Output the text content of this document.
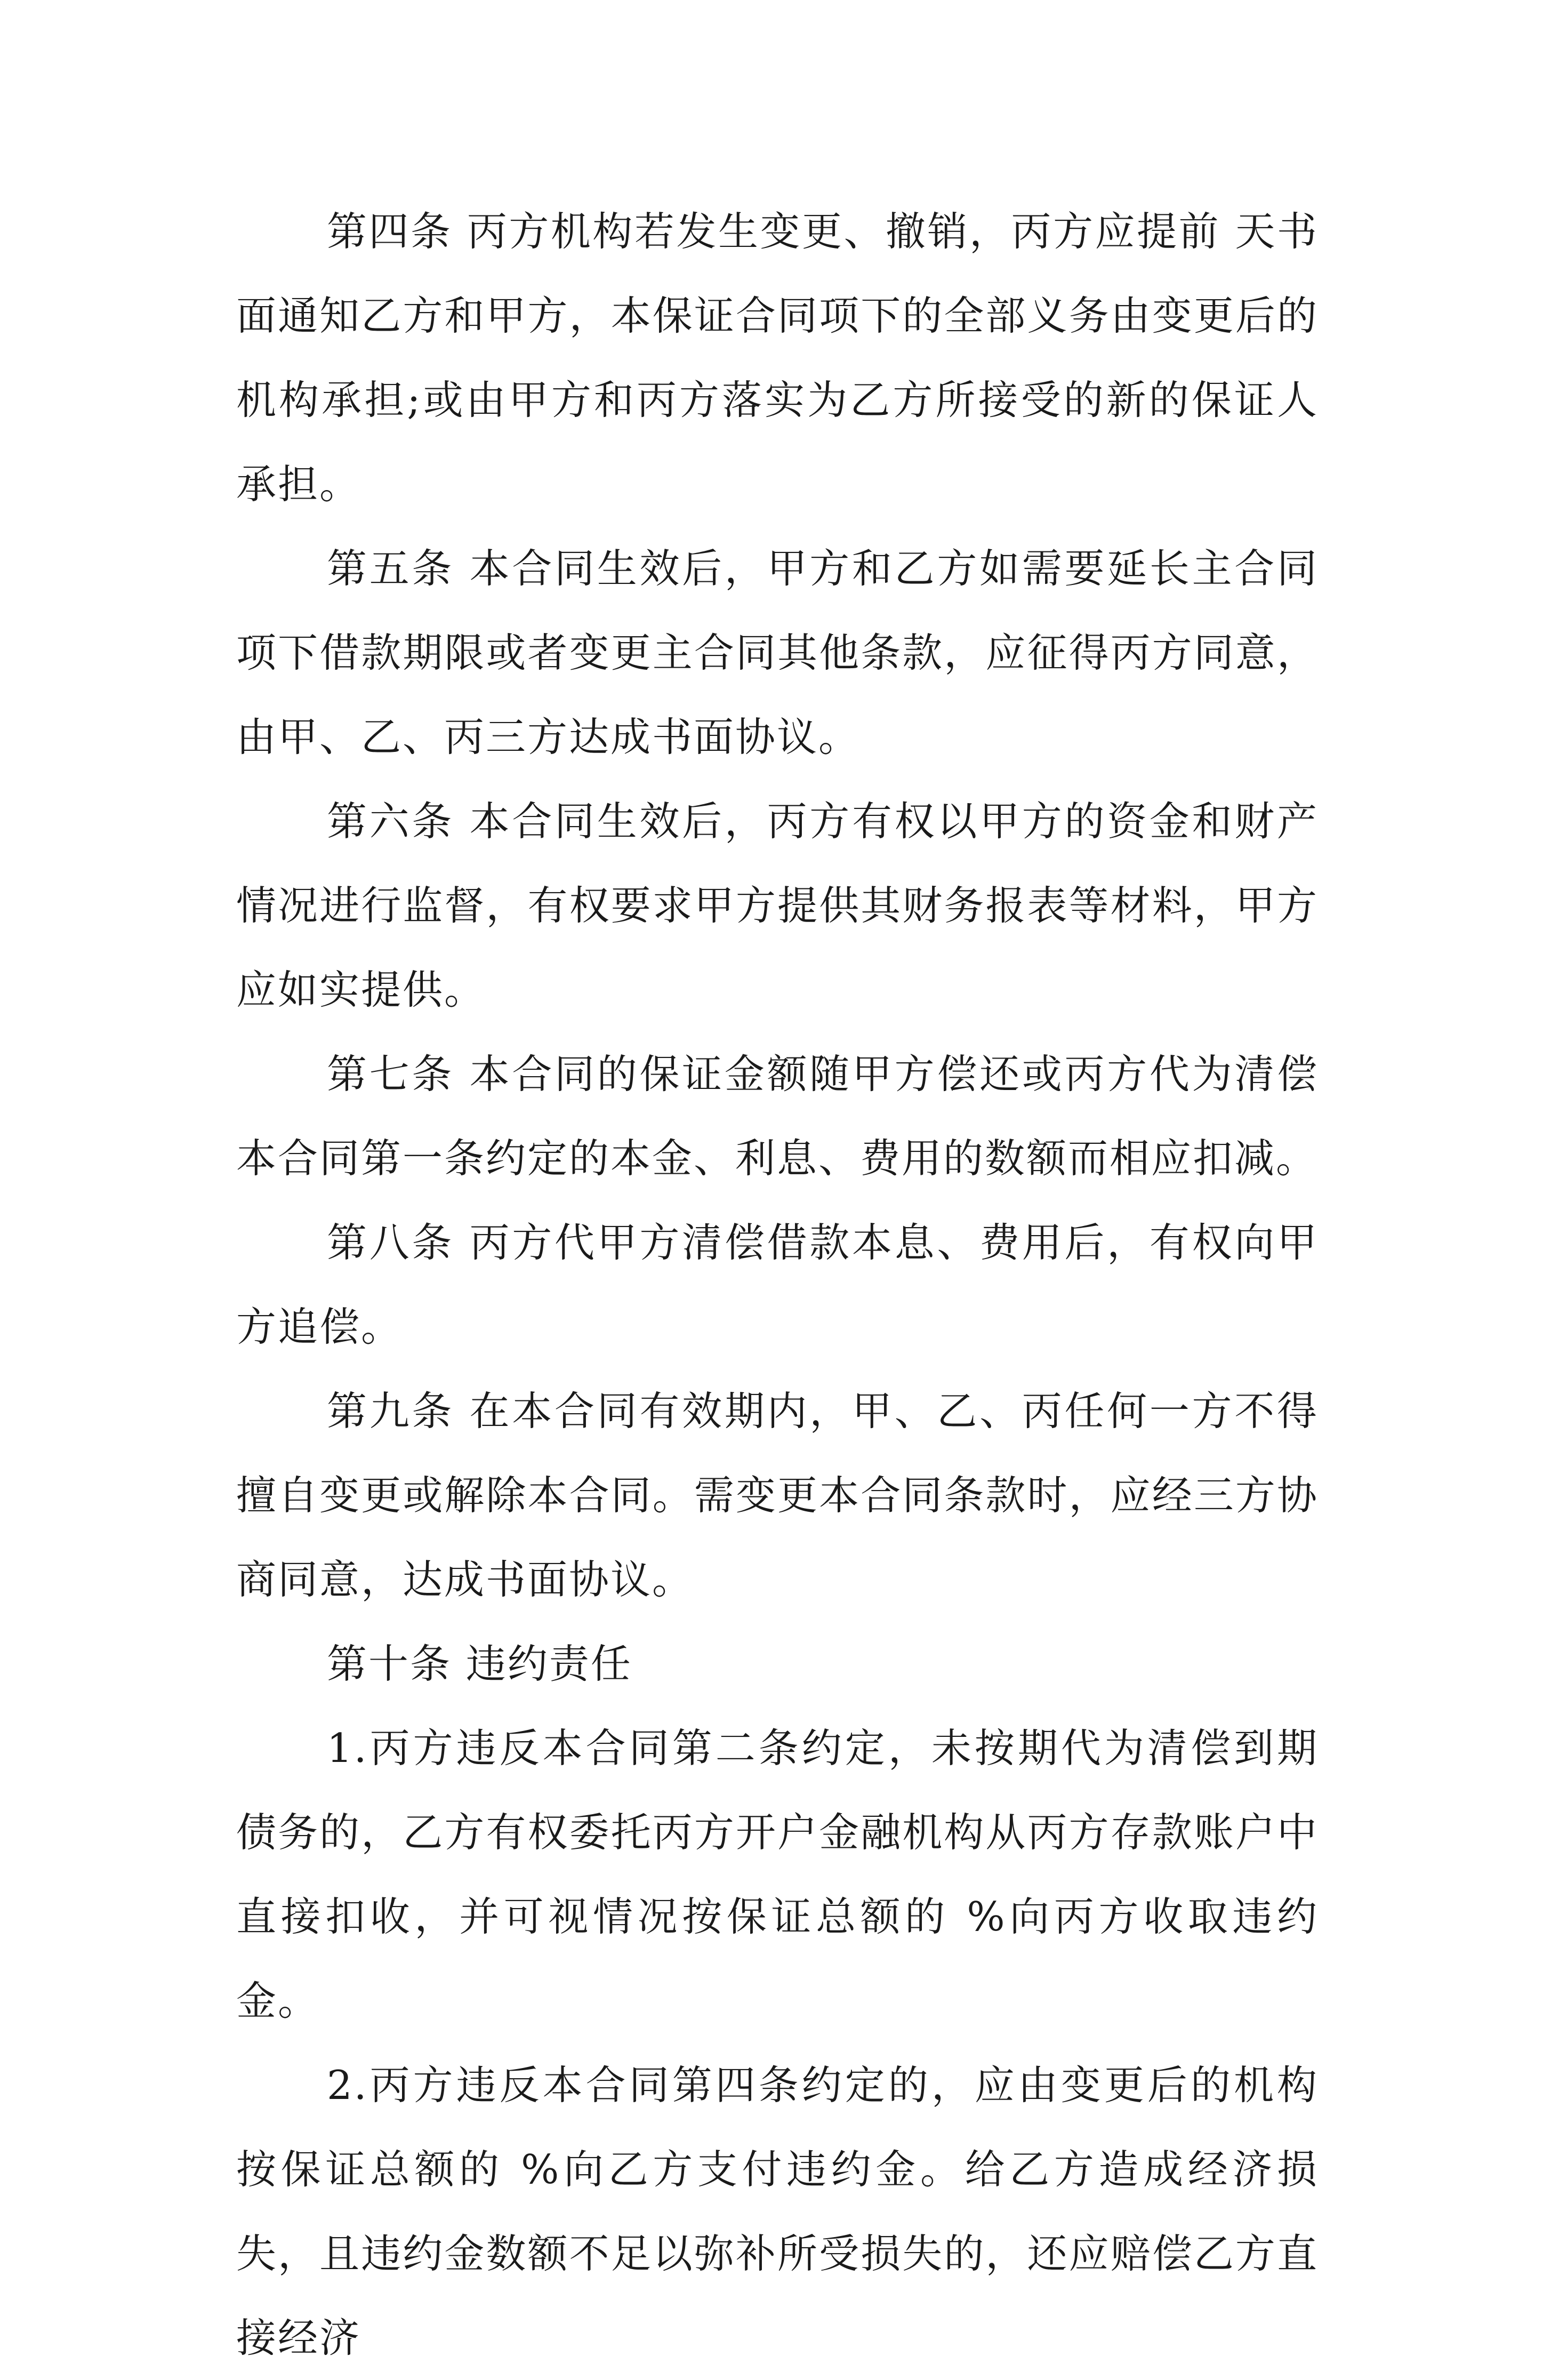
第四条 丙方机构若发生变更、撤销，丙方应提前 天书面通知乙方和甲方，本保证合同项下的全部义务由变更后的机构承担;或由甲方和丙方落实为乙方所接受的新的保证人承担。

第五条 本合同生效后，甲方和乙方如需要延长主合同项下借款期限或者变更主合同其他条款，应征得丙方同意，由甲、乙、丙三方达成书面协议。

第六条 本合同生效后，丙方有权以甲方的资金和财产情况进行监督，有权要求甲方提供其财务报表等材料，甲方应如实提供。

第七条 本合同的保证金额随甲方偿还或丙方代为清偿本合同第一条约定的本金、利息、费用的数额而相应扣减。

第八条 丙方代甲方清偿借款本息、费用后，有权向甲方追偿。

第九条 在本合同有效期内，甲、乙、丙任何一方不得擅自变更或解除本合同。需变更本合同条款时，应经三方协商同意，达成书面协议。

第十条 违约责任

1.丙方违反本合同第二条约定，未按期代为清偿到期债务的，乙方有权委托丙方开户金融机构从丙方存款账户中直接扣收，并可视情况按保证总额的 %向丙方收取违约金。

2.丙方违反本合同第四条约定的，应由变更后的机构按保证总额的 %向乙方支付违约金。给乙方造成经济损失，且违约金数额不足以弥补所受损失的，还应赔偿乙方直接经济
